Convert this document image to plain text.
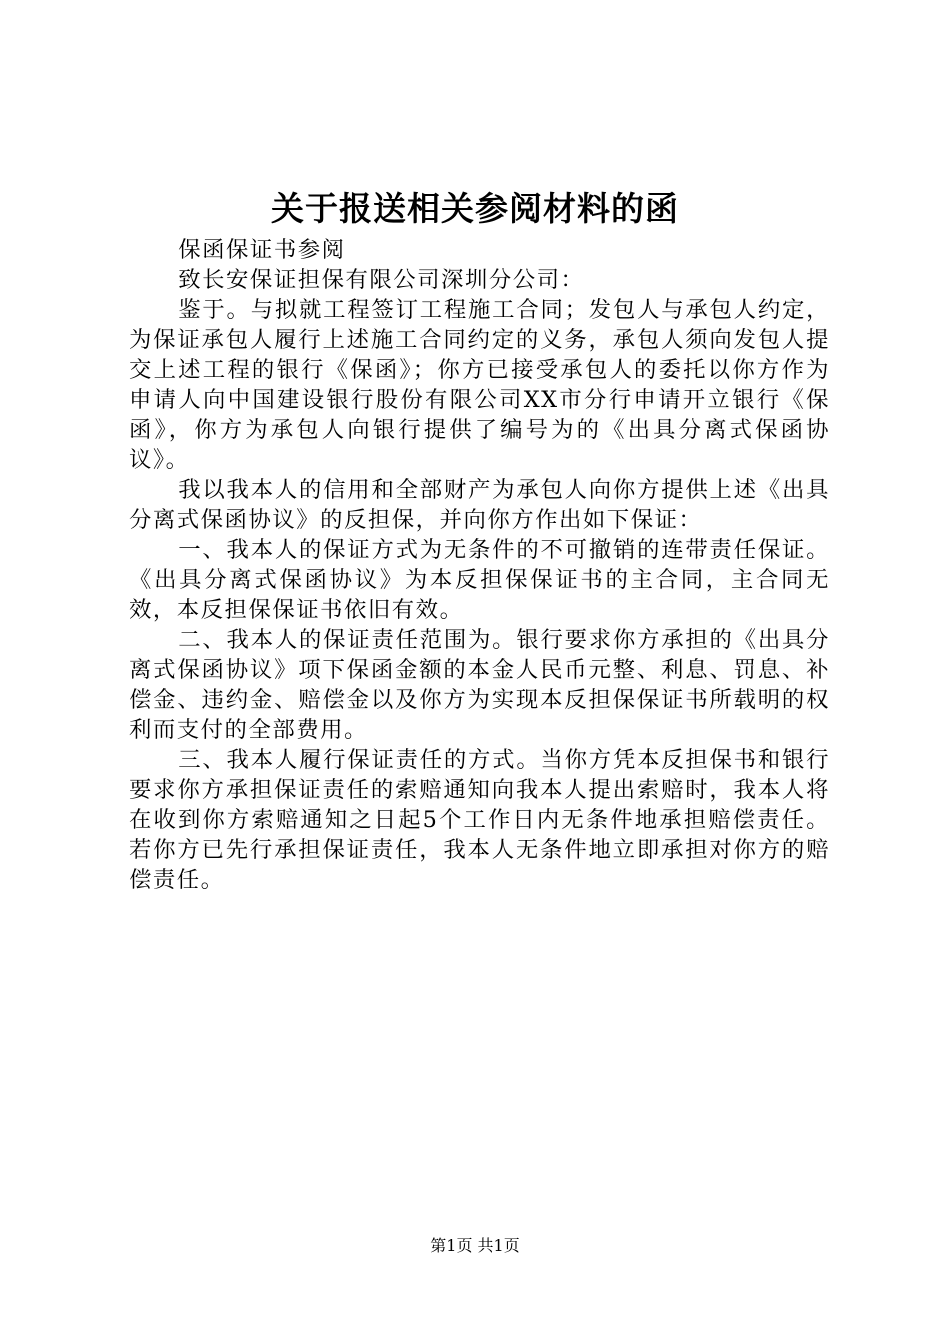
关于报送相关参阅材料的函

保函保证书参阅

致长安保证担保有限公司深圳分公司：

鉴于。与拟就工程签订工程施工合同；发包人与承包人约定，为保证承包人履行上述施工合同约定的义务，承包人须向发包人提交上述工程的银行《保函》；你方已接受承包人的委托以你方作为申请人向中国建设银行股份有限公司XX市分行申请开立银行《保函》，你方为承包人向银行提供了编号为的《出具分离式保函协议》。

我以我本人的信用和全部财产为承包人向你方提供上述《出具分离式保函协议》的反担保，并向你方作出如下保证：

一、我本人的保证方式为无条件的不可撤销的连带责任保证。《出具分离式保函协议》为本反担保保证书的主合同，主合同无效，本反担保保证书依旧有效。

二、我本人的保证责任范围为。银行要求你方承担的《出具分离式保函协议》项下保函金额的本金人民币元整、利息、罚息、补偿金、违约金、赔偿金以及你方为实现本反担保保证书所载明的权利而支付的全部费用。

三、我本人履行保证责任的方式。当你方凭本反担保书和银行要求你方承担保证责任的索赔通知向我本人提出索赔时，我本人将在收到你方索赔通知之日起5个工作日内无条件地承担赔偿责任。若你方已先行承担保证责任，我本人无条件地立即承担对你方的赔偿责任。

第1页 共1页
